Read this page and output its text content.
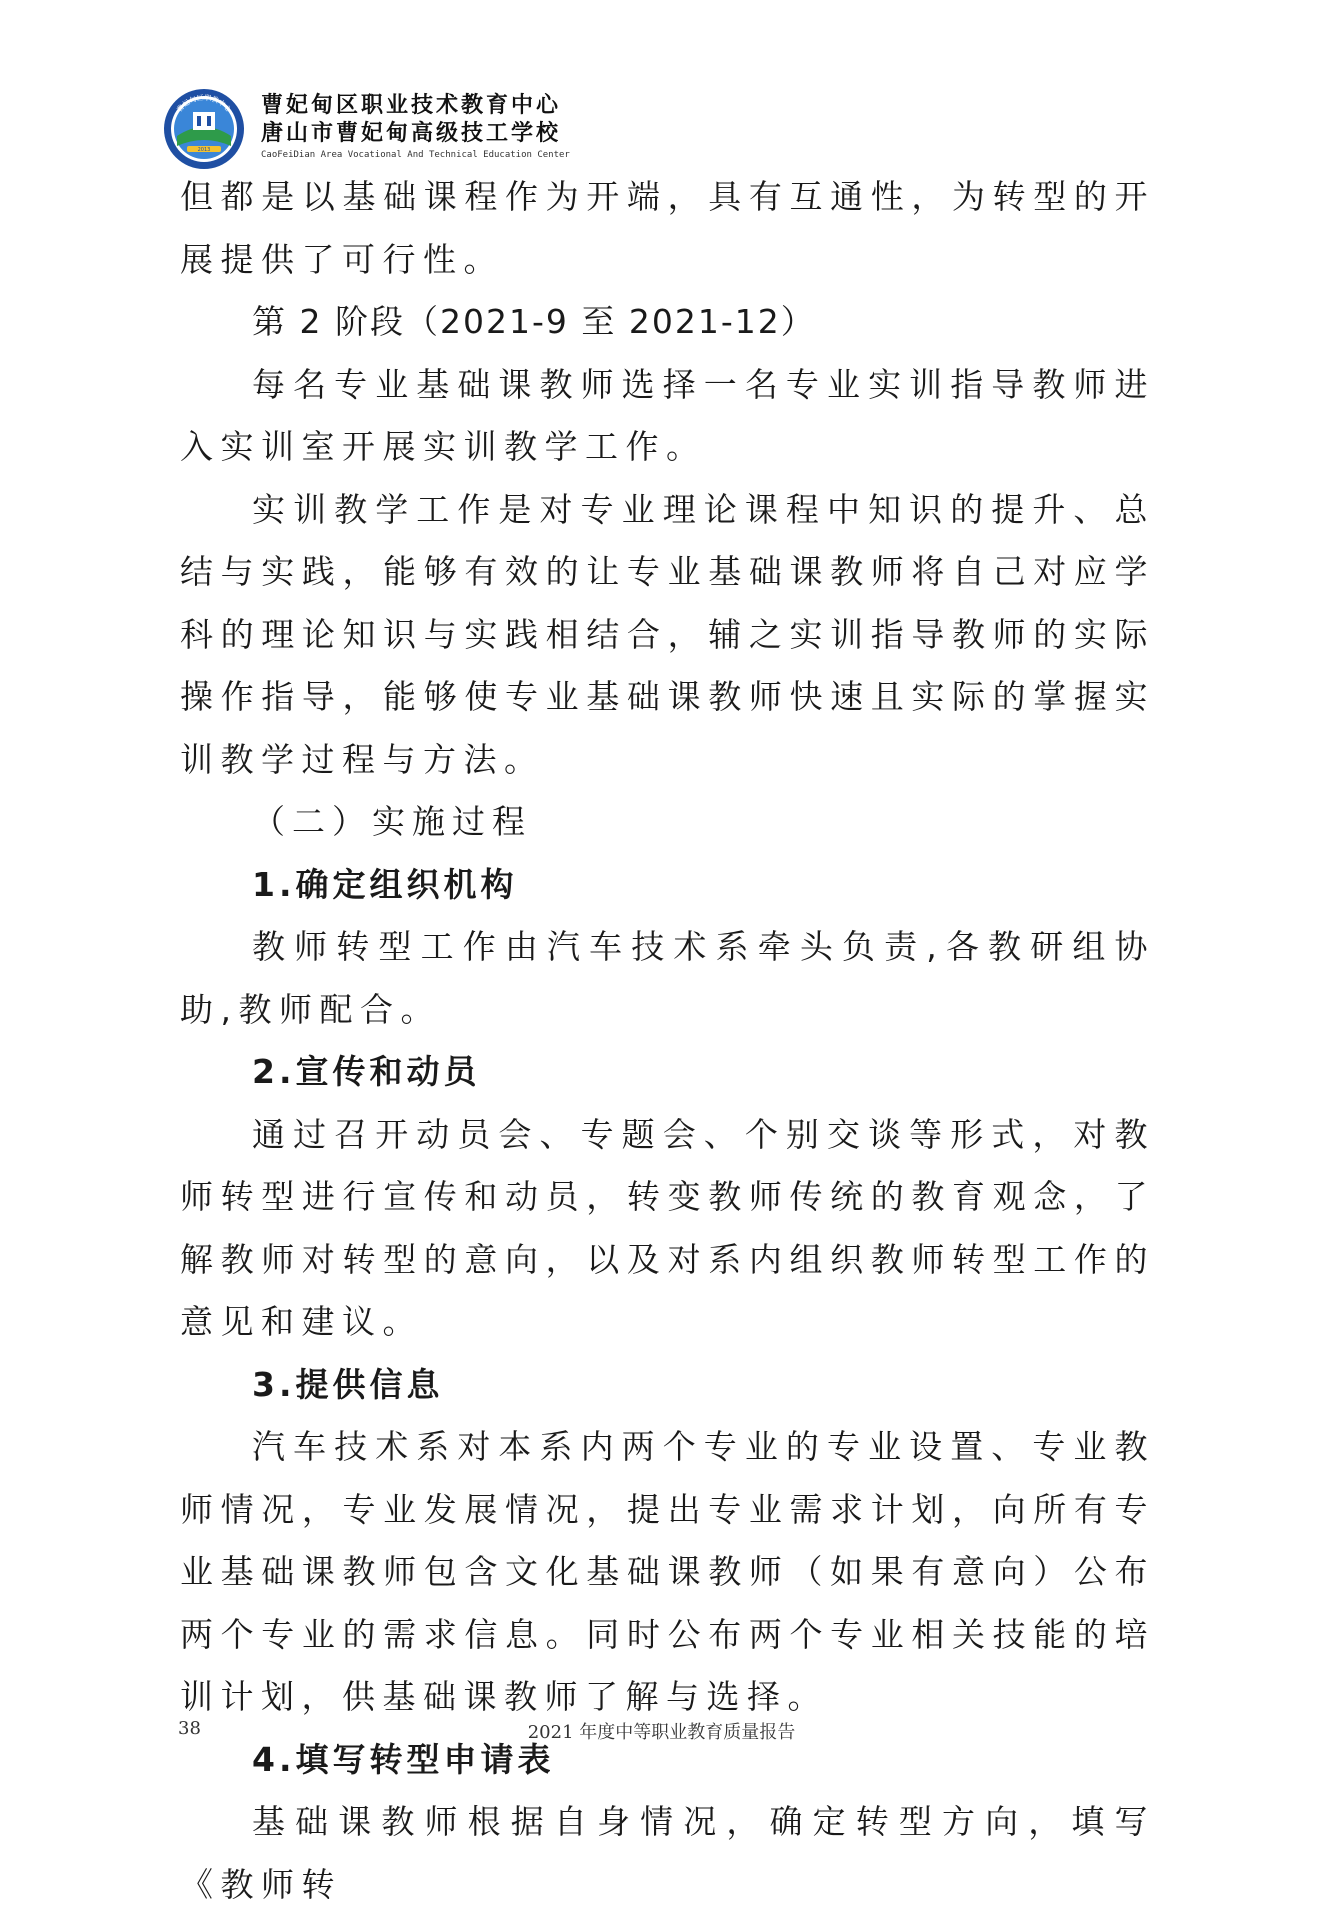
2013
曹妃甸区职教中心 曹妃甸区职业技术教育中心
唐山市曹妃甸高级技工学校
CaoFeiDian Area Vocational And Technical Education Center

但都是以基础课程作为开端，具有互通性，为转型的开展提供了可行性。

第 2 阶段（2021-9 至 2021-12）

每名专业基础课教师选择一名专业实训指导教师进入实训室开展实训教学工作。

实训教学工作是对专业理论课程中知识的提升、总结与实践，能够有效的让专业基础课教师将自己对应学科的理论知识与实践相结合，辅之实训指导教师的实际操作指导，能够使专业基础课教师快速且实际的掌握实训教学过程与方法。

（二）实施过程

1.确定组织机构

教师转型工作由汽车技术系牵头负责,各教研组协助,教师配合。

2.宣传和动员

通过召开动员会、专题会、个别交谈等形式，对教师转型进行宣传和动员，转变教师传统的教育观念，了解教师对转型的意向，以及对系内组织教师转型工作的意见和建议。

3.提供信息

汽车技术系对本系内两个专业的专业设置、专业教师情况，专业发展情况，提出专业需求计划，向所有专业基础课教师包含文化基础课教师（如果有意向）公布两个专业的需求信息。同时公布两个专业相关技能的培训计划，供基础课教师了解与选择。

4.填写转型申请表

基础课教师根据自身情况，确定转型方向，填写《教师转

38	2021 年度中等职业教育质量报告
